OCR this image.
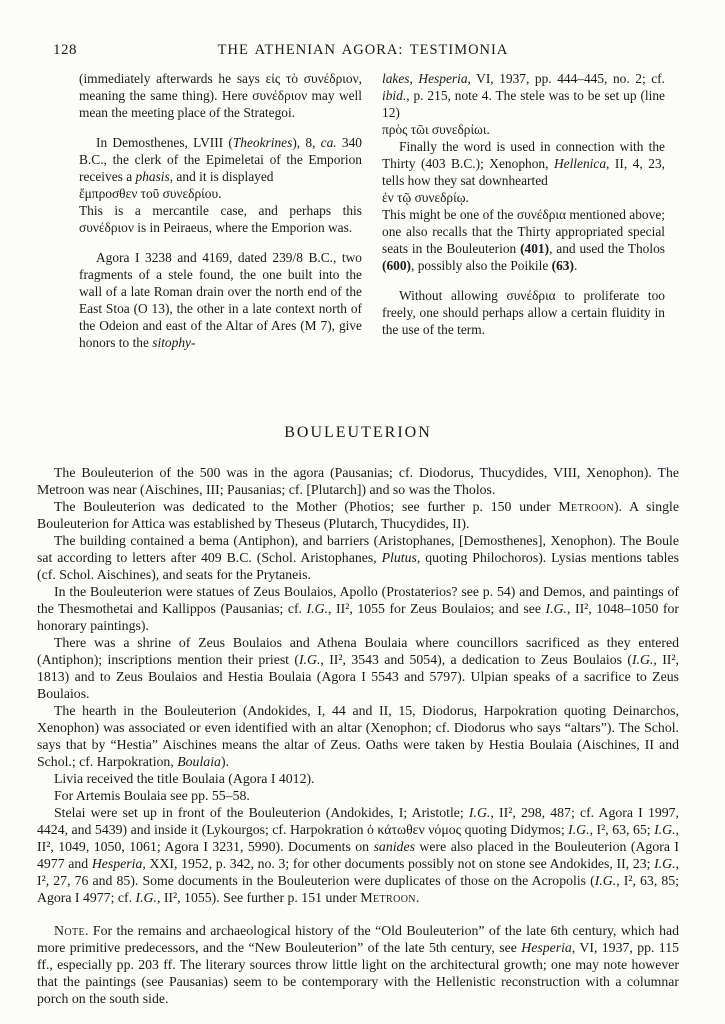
128	THE ATHENIAN AGORA: TESTIMONIA

(immediately afterwards he says εἰς τὸ συνέδριον, meaning the same thing). Here συνέδριον may well mean the meeting place of the Strategoi.

In Demosthenes, LVIII (Theokrines), 8, ca. 340 B.C., the clerk of the Epimeletai of the Emporion receives a phasis, and it is displayed

ἔμπροσθεν τοῦ συνεδρίου.

This is a mercantile case, and perhaps this συνέδριον is in Peiraeus, where the Emporion was.

Agora I 3238 and 4169, dated 239/8 B.C., two fragments of a stele found, the one built into the wall of a late Roman drain over the north end of the East Stoa (O 13), the other in a late context north of the Odeion and east of the Altar of Ares (M 7), give honors to the sitophy-

lakes, Hesperia, VI, 1937, pp. 444–445, no. 2; cf. ibid., p. 215, note 4. The stele was to be set up (line 12)

πρὸς τῶι συνεδρίωι.

Finally the word is used in connection with the Thirty (403 B.C.); Xenophon, Hellenica, II, 4, 23, tells how they sat downhearted

ἐν τῷ συνεδρίῳ.

This might be one of the συνέδρια mentioned above; one also recalls that the Thirty appropriated special seats in the Bouleuterion (401), and used the Tholos (600), possibly also the Poikile (63).

Without allowing συνέδρια to proliferate too freely, one should perhaps allow a certain fluidity in the use of the term.

BOULEUTERION

The Bouleuterion of the 500 was in the agora (Pausanias; cf. Diodorus, Thucydides, VIII, Xenophon). The Metroon was near (Aischines, III; Pausanias; cf. [Plutarch]) and so was the Tholos.

The Bouleuterion was dedicated to the Mother (Photios; see further p. 150 under Metroon). A single Bouleuterion for Attica was established by Theseus (Plutarch, Thucydides, II).

The building contained a bema (Antiphon), and barriers (Aristophanes, [Demosthenes], Xenophon). The Boule sat according to letters after 409 B.C. (Schol. Aristophanes, Plutus, quoting Philochoros). Lysias mentions tables (cf. Schol. Aischines), and seats for the Prytaneis.

In the Bouleuterion were statues of Zeus Boulaios, Apollo (Prostaterios? see p. 54) and Demos, and paintings of the Thesmothetai and Kallippos (Pausanias; cf. I.G., II², 1055 for Zeus Boulaios; and see I.G., II², 1048–1050 for honorary paintings).

There was a shrine of Zeus Boulaios and Athena Boulaia where councillors sacrificed as they entered (Antiphon); inscriptions mention their priest (I.G., II², 3543 and 5054), a dedication to Zeus Boulaios (I.G., II², 1813) and to Zeus Boulaios and Hestia Boulaia (Agora I 5543 and 5797). Ulpian speaks of a sacrifice to Zeus Boulaios.

The hearth in the Bouleuterion (Andokides, I, 44 and II, 15, Diodorus, Harpokration quoting Deinarchos, Xenophon) was associated or even identified with an altar (Xenophon; cf. Diodorus who says “altars”). The Schol. says that by “Hestia” Aischines means the altar of Zeus. Oaths were taken by Hestia Boulaia (Aischines, II and Schol.; cf. Harpokration, Boulaia).

Livia received the title Boulaia (Agora I 4012).

For Artemis Boulaia see pp. 55–58.

Stelai were set up in front of the Bouleuterion (Andokides, I; Aristotle; I.G., II², 298, 487; cf. Agora I 1997, 4424, and 5439) and inside it (Lykourgos; cf. Harpokration ὁ κάτωθεν νόμος quoting Didymos; I.G., I², 63, 65; I.G., II², 1049, 1050, 1061; Agora I 3231, 5990). Documents on sanides were also placed in the Bouleuterion (Agora I 4977 and Hesperia, XXI, 1952, p. 342, no. 3; for other documents possibly not on stone see Andokides, II, 23; I.G., I², 27, 76 and 85). Some documents in the Bouleuterion were duplicates of those on the Acropolis (I.G., I², 63, 85; Agora I 4977; cf. I.G., II², 1055). See further p. 151 under Metroon.

Note. For the remains and archaeological history of the “Old Bouleuterion” of the late 6th century, which had more primitive predecessors, and the “New Bouleuterion” of the late 5th century, see Hesperia, VI, 1937, pp. 115 ff., especially pp. 203 ff. The literary sources throw little light on the architectural growth; one may note however that the paintings (see Pausanias) seem to be contemporary with the Hellenistic reconstruction with a columnar porch on the south side.
